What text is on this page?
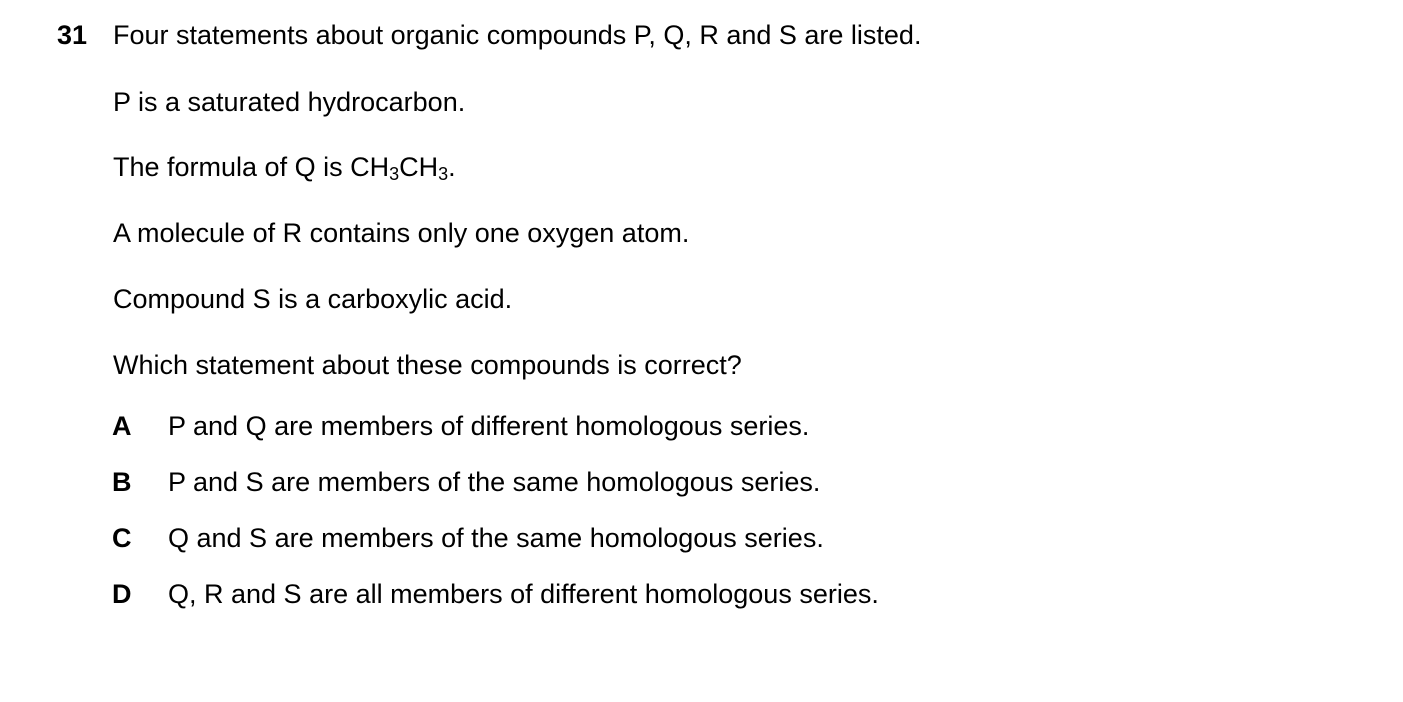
31 Four statements about organic compounds P, Q, R and S are listed.
P is a saturated hydrocarbon.
The formula of Q is $CH_3CH_3$.
A molecule of R contains only one oxygen atom.
Compound S is a carboxylic acid.
Which statement about these compounds is correct?
A P and Q are members of different homologous series.
B P and S are members of the same homologous series.
C Q and S are members of the same homologous series.
D Q, R and S are all members of different homologous series.
